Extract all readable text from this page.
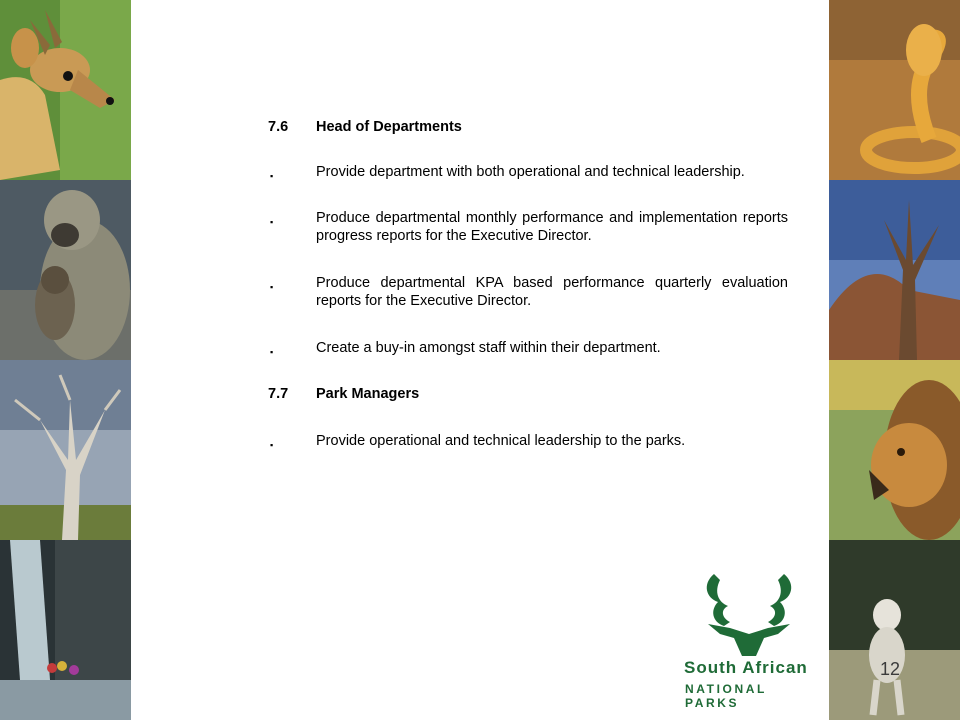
7.6	Head of Departments
▪	Provide department with both operational and technical leadership.
▪	Produce departmental monthly performance and implementation reports progress reports for the Executive Director.
▪	Produce departmental KPA based performance quarterly evaluation reports for the Executive Director.
▪	Create a buy-in amongst staff within their department.
7.7	Park Managers
▪	Provide operational and technical leadership to the parks.
South African
NATIONAL PARKS
12
